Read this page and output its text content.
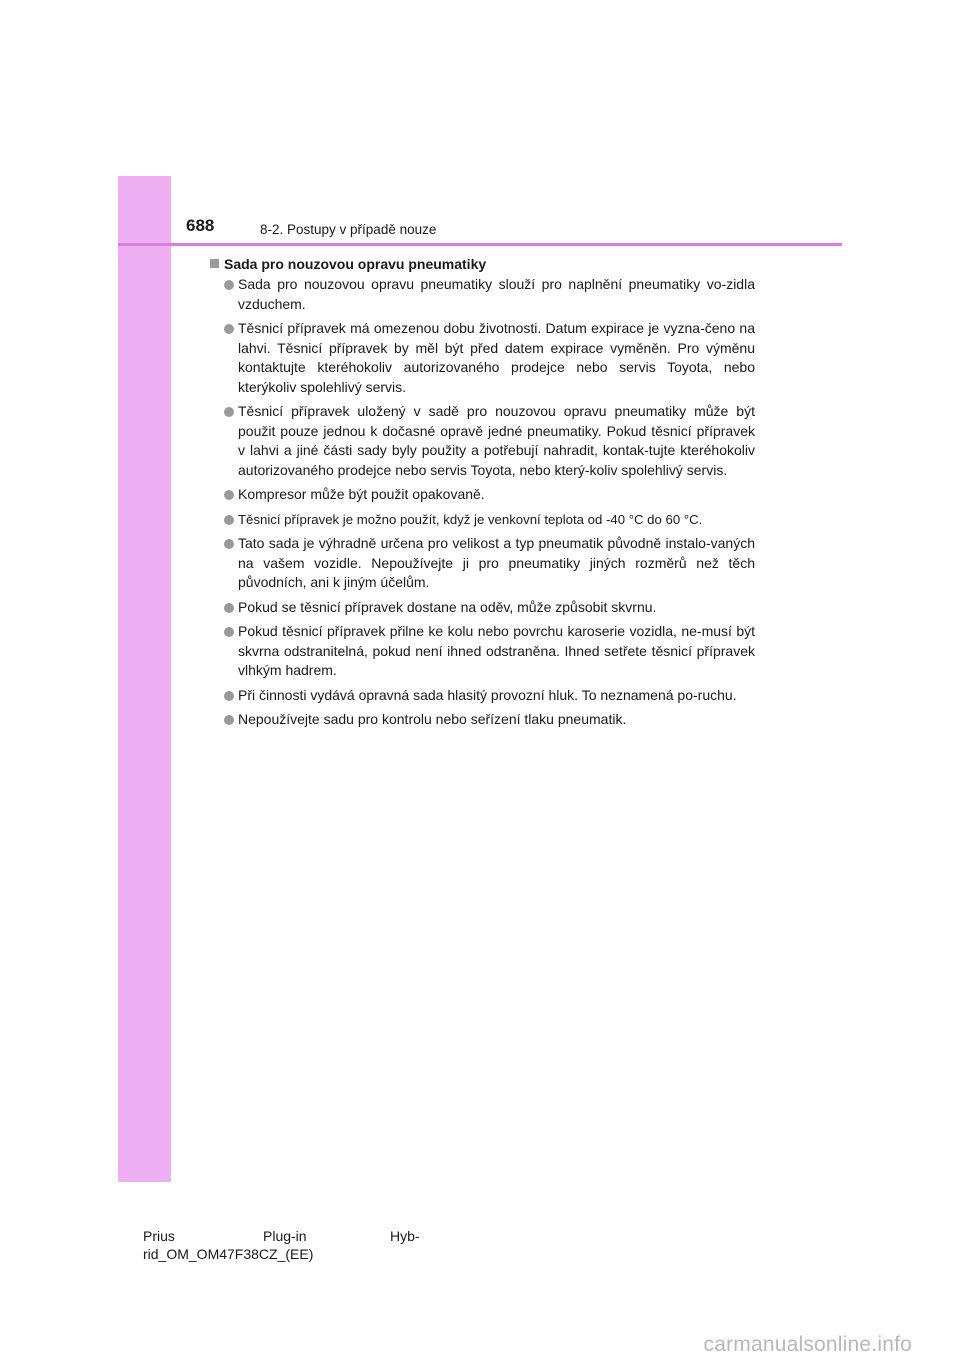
688	8-2. Postupy v případě nouze
Sada pro nouzovou opravu pneumatiky
Sada pro nouzovou opravu pneumatiky slouží pro naplnění pneumatiky vo-zidla vzduchem.
Těsnicí přípravek má omezenou dobu životnosti. Datum expirace je vyzna-čeno na lahvi. Těsnicí přípravek by měl být před datem expirace vyměněn. Pro výměnu kontaktujte kteréhokoliv autorizovaného prodejce nebo servis Toyota, nebo kterýkoliv spolehlivý servis.
Těsnicí přípravek uložený v sadě pro nouzovou opravu pneumatiky může být použit pouze jednou k dočasné opravě jedné pneumatiky. Pokud těsnicí přípravek v lahvi a jiné části sady byly použity a potřebují nahradit, kontak-tujte kteréhokoliv autorizovaného prodejce nebo servis Toyota, nebo který-koliv spolehlivý servis.
Kompresor může být použit opakovaně.
Těsnicí přípravek je možno použít, když je venkovní teplota od -40 °C do 60 °C.
Tato sada je výhradně určena pro velikost a typ pneumatik původně instalo-vaných na vašem vozidle. Nepoužívejte ji pro pneumatiky jiných rozměrů než těch původních, ani k jiným účelům.
Pokud se těsnicí přípravek dostane na oděv, může způsobit skvrnu.
Pokud těsnicí přípravek přilne ke kolu nebo povrchu karoserie vozidla, ne-musí být skvrna odstranitelná, pokud není ihned odstraněna. Ihned setřete těsnicí přípravek vlhkým hadrem.
Při činnosti vydává opravná sada hlasitý provozní hluk. To neznamená po-ruchu.
Nepoužívejte sadu pro kontrolu nebo seřízení tlaku pneumatik.
Prius	Plug-in	Hyb-
rid_OM_OM47F38CZ_(EE)
carmanualsonline.info
